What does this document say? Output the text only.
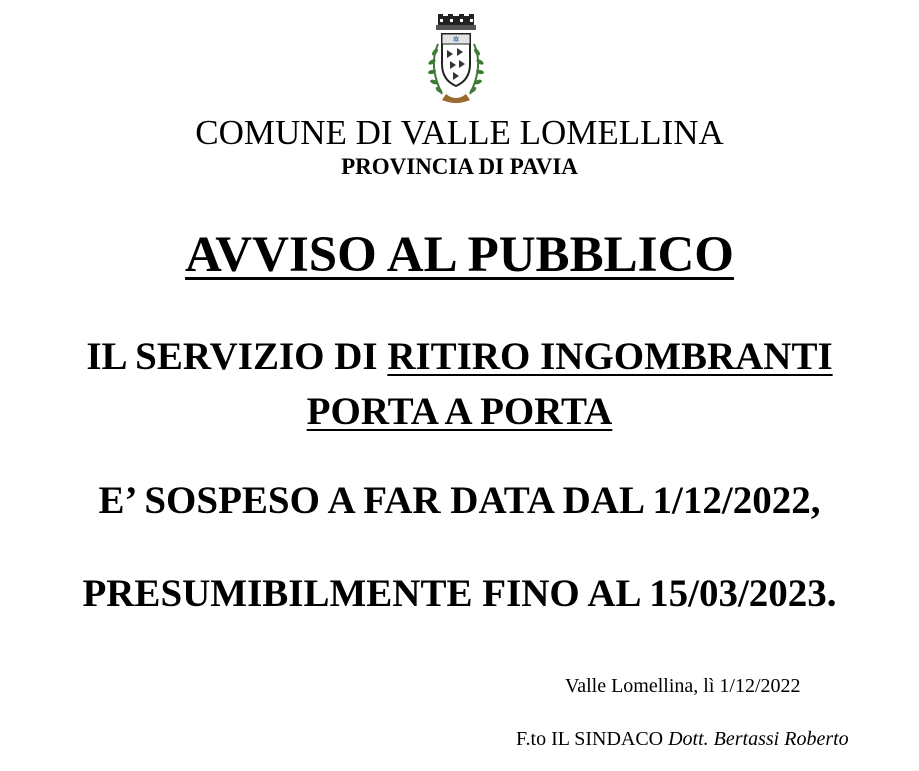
✲
COMUNE DI VALLE LOMELLINA
PROVINCIA DI PAVIA
AVVISO AL PUBBLICO
IL SERVIZIO DI RITIRO INGOMBRANTI
PORTA A PORTA
E’ SOSPESO A FAR DATA DAL 1/12/2022,
PRESUMIBILMENTE FINO AL 15/03/2023.
Valle Lomellina, lì 1/12/2022
F.to IL SINDACO Dott. Bertassi Roberto
